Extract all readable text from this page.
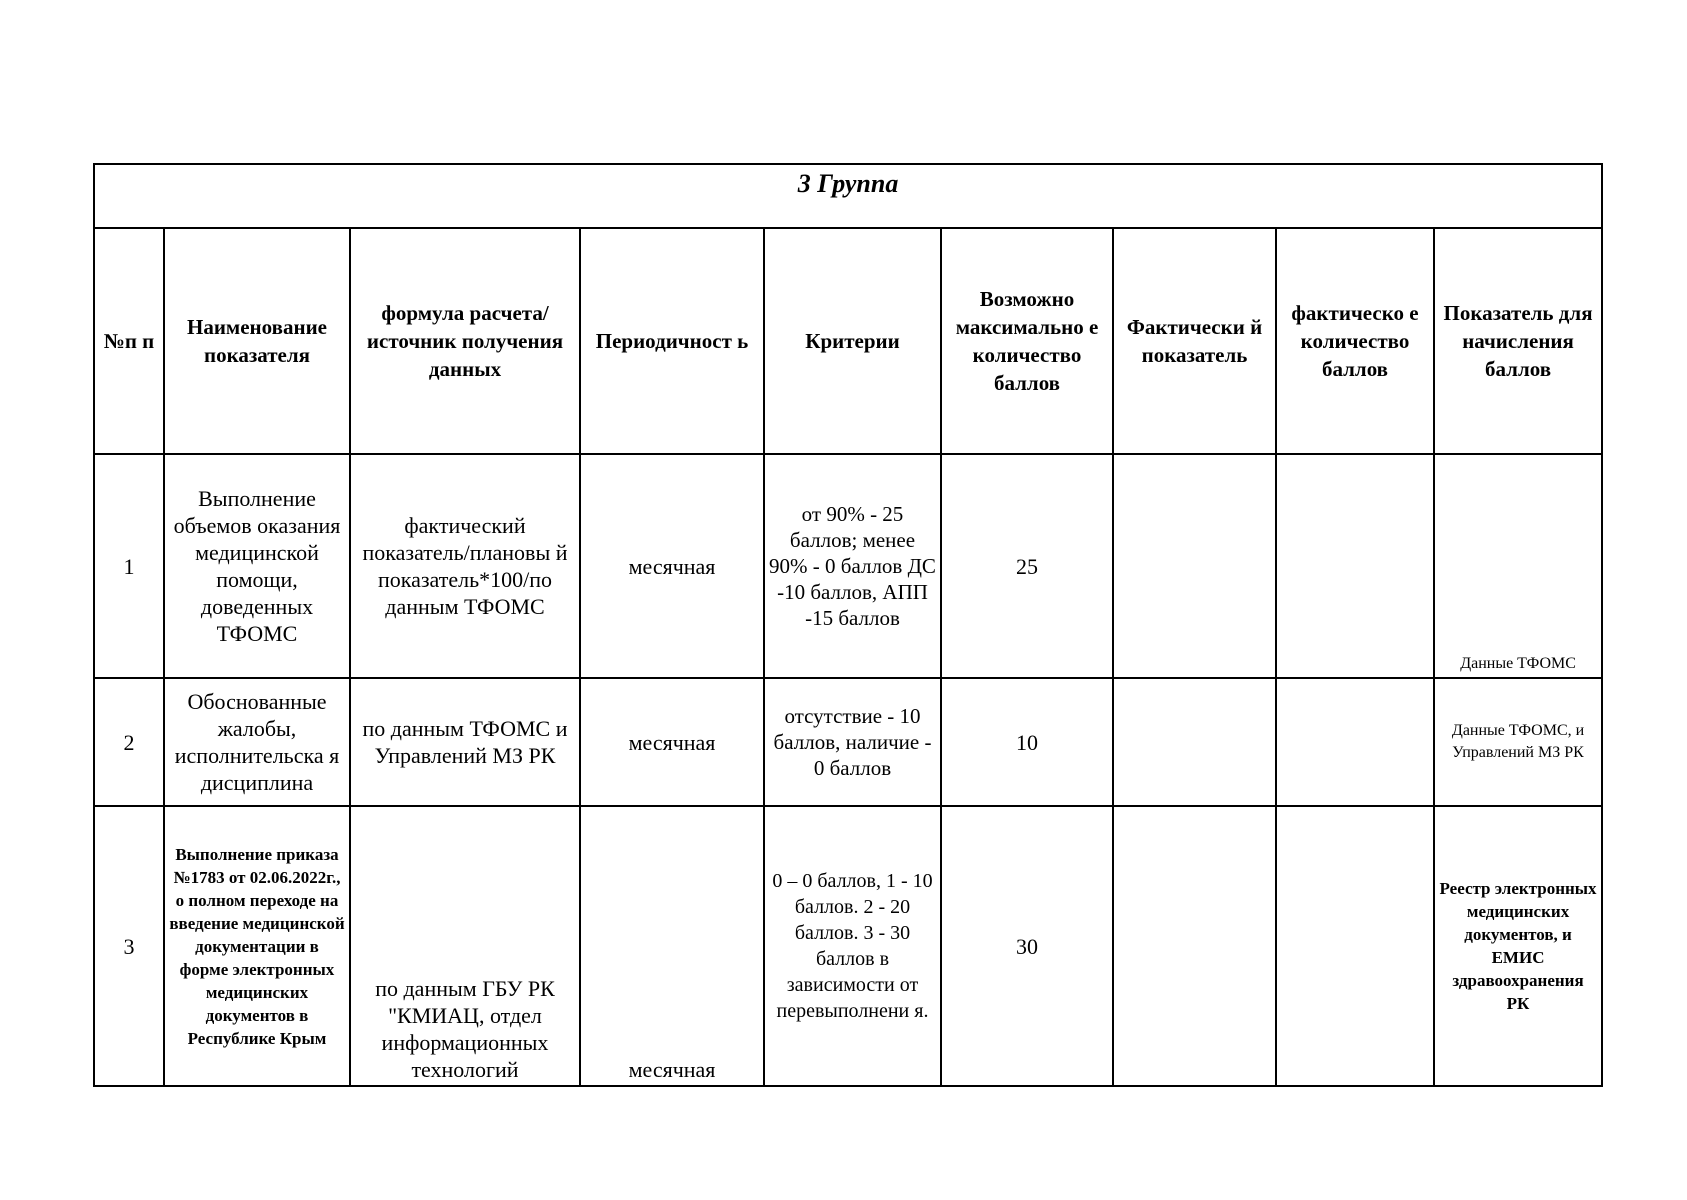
3 Группа								
№п п	Наименование показателя	формула расчета/источник получения данных	Периодичност ь	Критерии	Возможно максимально е количество баллов	Фактически й показатель	фактическо е количество баллов	Показатель для начисления баллов
1	Выполнение объемов оказания медицинской помощи, доведенных ТФОМС	фактический показатель/плановы й показатель*100/по данным ТФОМС	месячная	от 90% - 25 баллов; менее 90% - 0 баллов ДС -10 баллов, АПП -15 баллов	25			Данные ТФОМС
2	Обоснованные жалобы, исполнительска я дисциплина	по данным ТФОМС и Управлений МЗ РК	месячная	отсутствие - 10 баллов, наличие - 0 баллов	10			Данные ТФОМС, и Управлений МЗ РК
3	Выполнение приказа №1783 от 02.06.2022г., о полном переходе на введение медицинской документации в форме электронных медицинских документов в Республике Крым	по данным ГБУ РК "КМИАЦ, отдел информационных технологий	месячная	0 – 0 баллов, 1 - 10 баллов. 2 - 20 баллов. 3 - 30 баллов в зависимости от перевыполнени я.	30			Реестр электронных медицинских документов, и ЕМИС здравоохранения РК
